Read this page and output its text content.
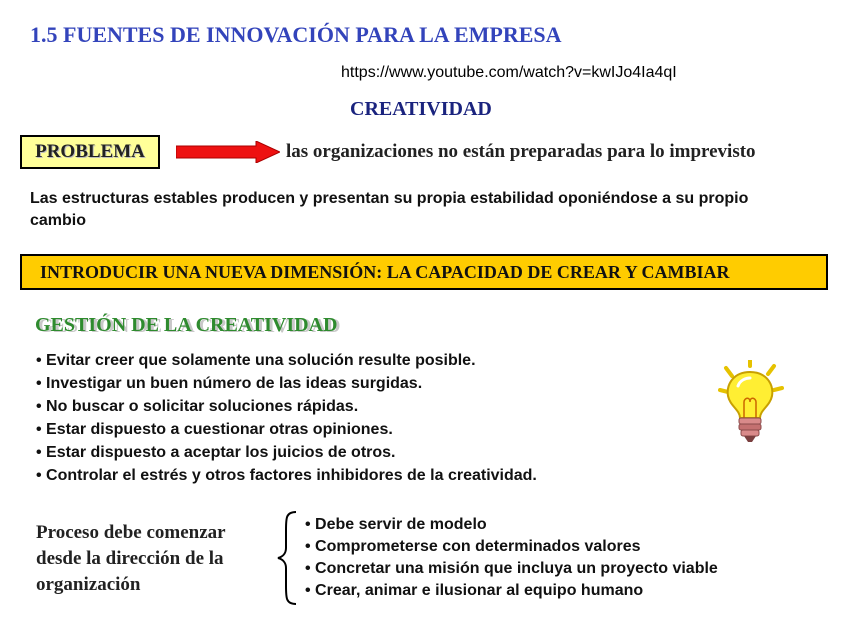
1.5 FUENTES DE INNOVACIÓN PARA LA EMPRESA
https://www.youtube.com/watch?v=kwIJo4Ia4qI
CREATIVIDAD
PROBLEMA	las organizaciones no están preparadas para lo imprevisto
Las estructuras estables producen y presentan su propia estabilidad oponiéndose a su propio cambio
INTRODUCIR UNA NUEVA DIMENSIÓN: LA CAPACIDAD DE CREAR Y CAMBIAR
GESTIÓN DE LA CREATIVIDAD
• Evitar creer que solamente una solución resulte posible.
• Investigar un buen número de las ideas surgidas.
• No buscar o solicitar soluciones rápidas.
• Estar dispuesto a cuestionar otras opiniones.
• Estar dispuesto a aceptar los juicios de otros.
• Controlar el estrés y otros factores inhibidores de la creatividad.
Proceso debe comenzar desde la dirección de la organización
• Debe servir de modelo
• Comprometerse con determinados valores
• Concretar una misión que incluya un proyecto viable
• Crear, animar e ilusionar al equipo humano
